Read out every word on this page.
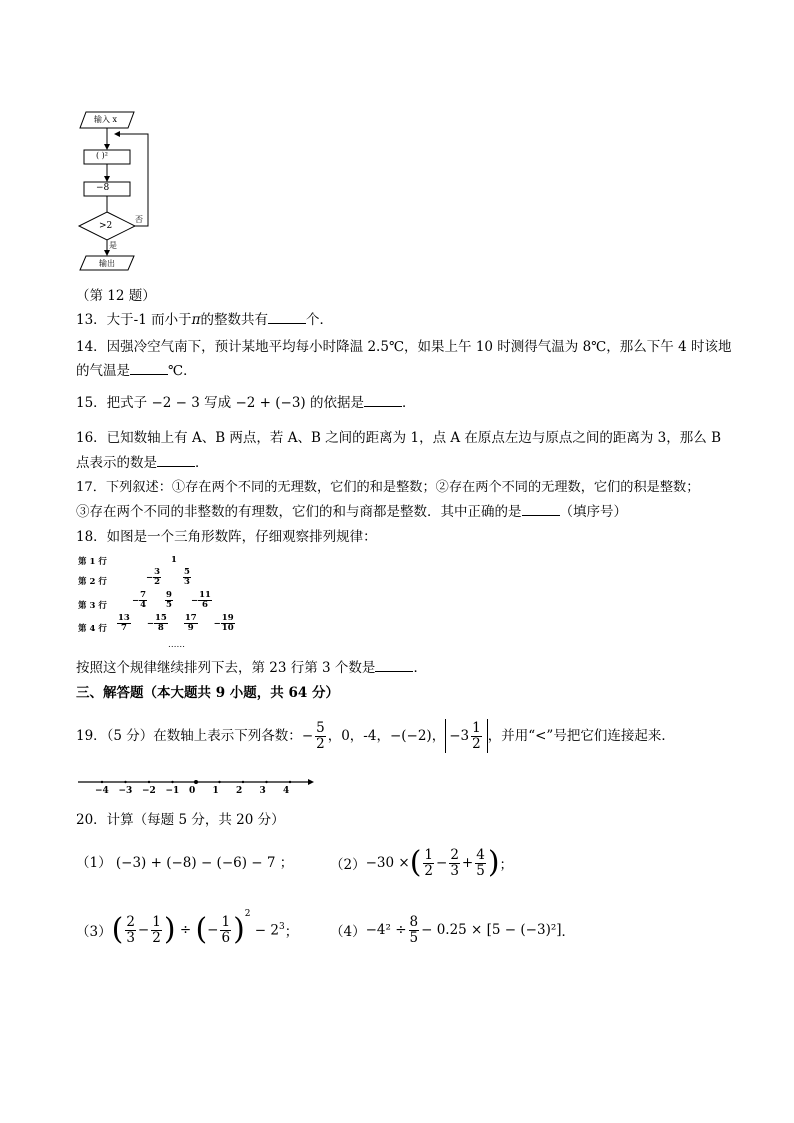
输入 x
( )²
−8
>2
否
是
输出
（第 12 题）
13．大于-1 而小于π的整数共有	个．
14．因强冷空气南下，预计某地平均每小时降温 2.5℃，如果上午 10 时测得气温为 8℃，那么下午 4 时该地
的气温是	℃．
15．把式子 −2 − 3 写成 −2 + (−3) 的依据是	．
16．已知数轴上有 A、B 两点，若 A、B 之间的距离为 1，点 A 在原点左边与原点之间的距离为 3，那么 B
点表示的数是	．
17．下列叙述：①存在两个不同的无理数，它们的和是整数；②存在两个不同的无理数，它们的积是整数；
③存在两个不同的非整数的有理数，它们的和与商都是整数．其中正确的是	（填序号）
18．如图是一个三角形数阵，仔细观察排列规律：
第 1 行
第 2 行
第 3 行
第 4 行
1
− $\frac{3}{2}$	5
3
− $\frac{7}{4} 9$
$5 - \frac{11}{6}$
13
$7 - \frac{15}{8} 17$
$9 - \frac{19}{10}$
……
按照这个规律继续排列下去，第 23 行第 3 个数是	．
三、解答题（本大题共 9 小题，共 64 分）
19．（5 分）在数轴上表示下列各数： − $\frac{5}{2}$ ，0，-4，−(−2)， $-3 \frac{1}{2}$ ，并用“<”号把它们连接起来．
−4 −3 −2 −1 0 1 2 3 4
20．计算（每题 5 分，共 20 分）
（1） (−3) + (−8) − (−6) − 7 ；	（2） −30 × ( $\frac{1}{2} - \frac{2}{3} + \frac{4}{5}$ ) ；
（3） ( $\frac{2}{3} - \frac{1}{2}$ ) ÷ ( − $\frac{1}{6} )^2$
− $2^3$ ； $(4) -4^2 \div \frac{8}{5} - 0.25 \times [5 - (-3)^2]$ ．
